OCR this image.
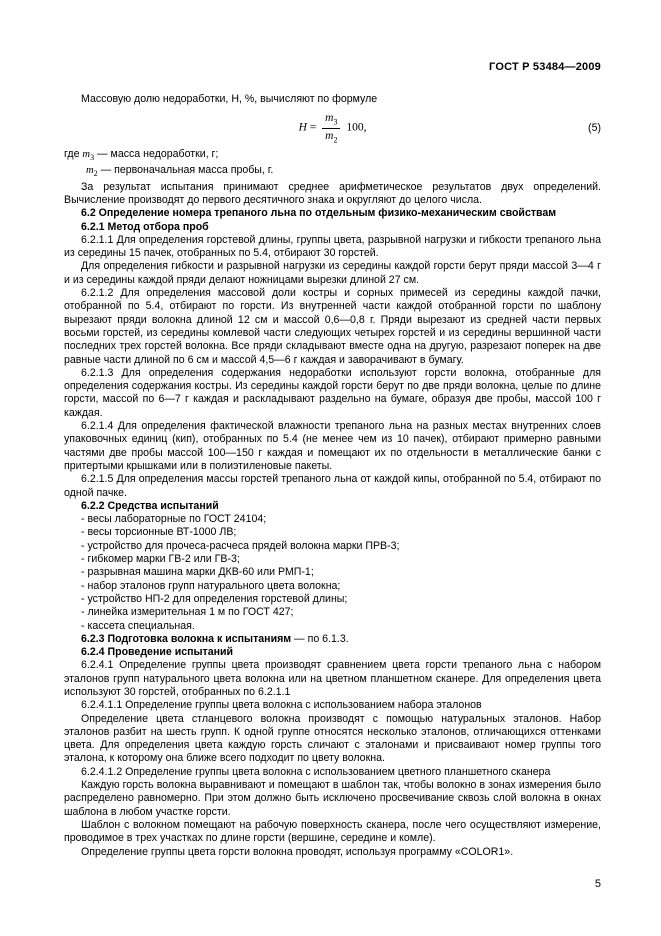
ГОСТ Р 53484—2009

Массовую долю недоработки, Н, %, вычисляют по формуле

$H = \frac{m_3}{m_2} 100$,	(5)

где $m_3$ — масса недоработки, г;

$m_2$ — первоначальная масса пробы, г.

За результат испытания принимают среднее арифметическое результатов двух определений. Вычисление производят до первого десятичного знака и округляют до целого числа.

6.2 Определение номера трепаного льна по отдельным физико-механическим свойствам

6.2.1 Метод отбора проб

6.2.1.1 Для определения горстевой длины, группы цвета, разрывной нагрузки и гибкости трепаного льна из середины 15 пачек, отобранных по 5.4, отбирают 30 горстей.

Для определения гибкости и разрывной нагрузки из середины каждой горсти берут пряди массой 3—4 г и из середины каждой пряди делают ножницами вырезки длиной 27 см.

6.2.1.2 Для определения массовой доли костры и сорных примесей из середины каждой пачки, отобранной по 5.4, отбирают по горсти. Из внутренней части каждой отобранной горсти по шаблону вырезают пряди волокна длиной 12 см и массой 0,6—0,8 г. Пряди вырезают из средней части первых восьми горстей, из середины комлевой части следующих четырех горстей и из середины вершинной части последних трех горстей волокна. Все пряди складывают вместе одна на другую, разрезают поперек на две равные части длиной по 6 см и массой 4,5—6 г каждая и заворачивают в бумагу.

6.2.1.3 Для определения содержания недоработки используют горсти волокна, отобранные для определения содержания костры. Из середины каждой горсти берут по две пряди волокна, целые по длине горсти, массой по 6—7 г каждая и раскладывают раздельно на бумаге, образуя две пробы, массой 100 г каждая.

6.2.1.4 Для определения фактической влажности трепаного льна на разных местах внутренних слоев упаковочных единиц (кип), отобранных по 5.4 (не менее чем из 10 пачек), отбирают примерно равными частями две пробы массой 100—150 г каждая и помещают их по отдельности в металлические банки с притертыми крышками или в полиэтиленовые пакеты.

6.2.1.5 Для определения массы горстей трепаного льна от каждой кипы, отобранной по 5.4, отбирают по одной пачке.

6.2.2 Средства испытаний

- весы лабораторные по ГОСТ 24104;

- весы торсионные ВТ-1000 ЛВ;

- устройство для прочеса-расчеса прядей волокна марки ПРВ-3;

- гибкомер марки ГВ-2 или ГВ-3;

- разрывная машина марки ДКВ-60 или РМП-1;

- набор эталонов групп натурального цвета волокна;

- устройство НП-2 для определения горстевой длины;

- линейка измерительная 1 м по ГОСТ 427;

- кассета специальная.

6.2.3 Подготовка волокна к испытаниям — по 6.1.3.

6.2.4 Проведение испытаний

6.2.4.1 Определение группы цвета производят сравнением цвета горсти трепаного льна с набором эталонов групп натурального цвета волокна или на цветном планшетном сканере. Для определения цвета используют 30 горстей, отобранных по 6.2.1.1

6.2.4.1.1 Определение группы цвета волокна с использованием набора эталонов

Определение цвета стланцевого волокна производят с помощью натуральных эталонов. Набор эталонов разбит на шесть групп. К одной группе относятся несколько эталонов, отличающихся оттенками цвета. Для определения цвета каждую горсть сличают с эталонами и присваивают номер группы того эталона, к которому она ближе всего подходит по цвету волокна.

6.2.4.1.2 Определение группы цвета волокна с использованием цветного планшетного сканера

Каждую горсть волокна выравнивают и помещают в шаблон так, чтобы волокно в зонах измерения было распределено равномерно. При этом должно быть исключено просвечивание сквозь слой волокна в окнах шаблона в любом участке горсти.

Шаблон с волокном помещают на рабочую поверхность сканера, после чего осуществляют измерение, проводимое в трех участках по длине горсти (вершине, середине и комле).

Определение группы цвета горсти волокна проводят, используя программу «COLOR1».

5
